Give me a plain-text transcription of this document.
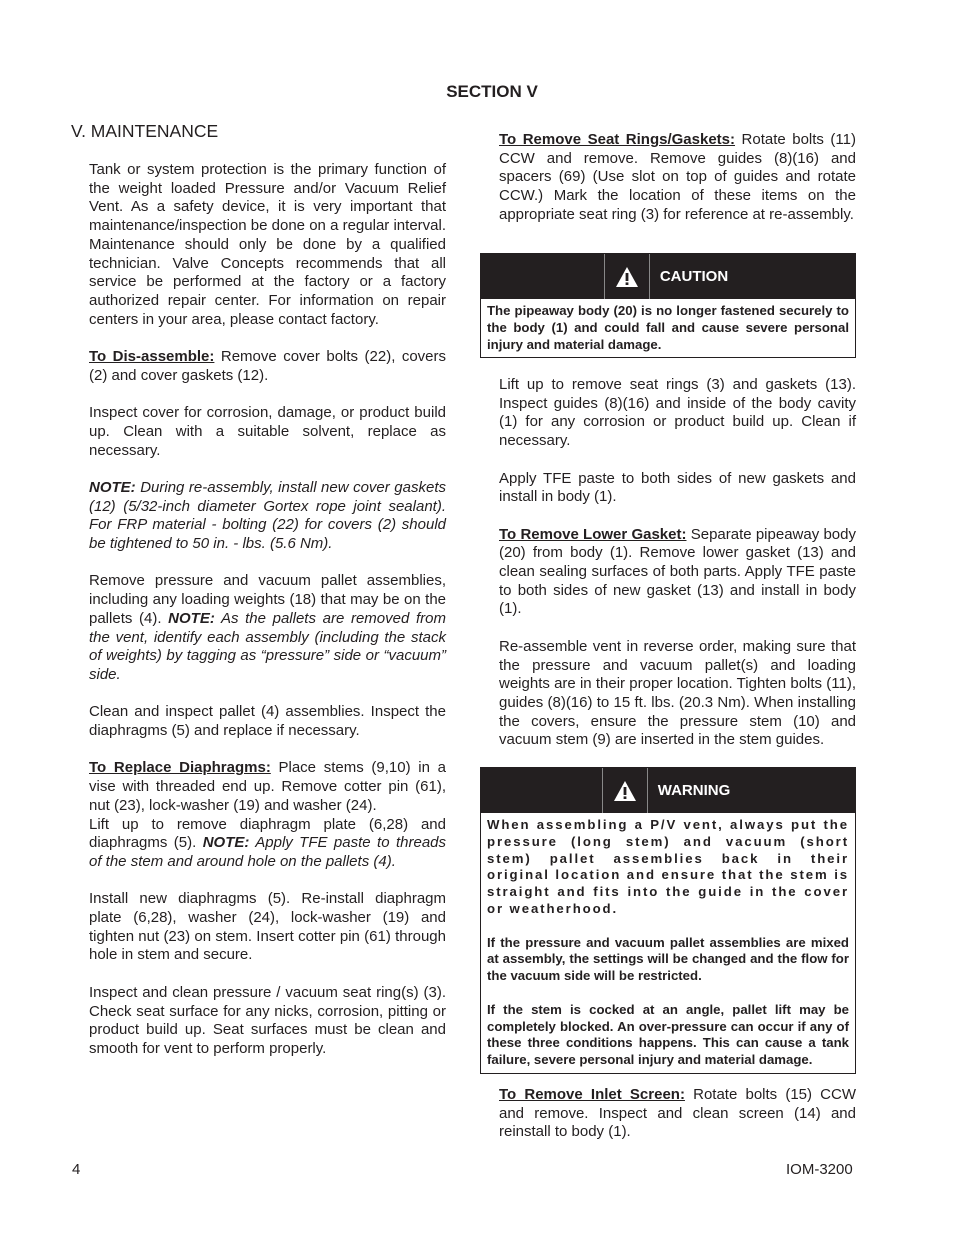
SECTION V
V. MAINTENANCE

Tank or system protection is the primary function of the weight loaded Pressure and/or Vacuum Relief Vent. As a safety device, it is very important that maintenance/inspection be done on a regular interval. Maintenance should only be done by a qualified technician. Valve Concepts recommends that all service be performed at the factory or a factory authorized repair center. For information on repair centers in your area, please contact factory.

To Dis-assemble: Remove cover bolts (22), covers (2) and cover gaskets (12).

Inspect cover for corrosion, damage, or product build up. Clean with a suitable solvent, replace as necessary.

NOTE: During re-assembly, install new cover gaskets (12) (5/32-inch diameter Gortex rope joint sealant). For FRP material - bolting (22) for covers (2) should be tightened to 50 in. - lbs. (5.6 Nm).

Remove pressure and vacuum pallet assemblies, including any loading weights (18) that may be on the pallets (4). NOTE: As the pallets are removed from the vent, identify each assembly (including the stack of weights) by tagging as “pressure” side or “vacuum” side.

Clean and inspect pallet (4) assemblies. Inspect the diaphragms (5) and replace if necessary.

To Replace Diaphragms: Place stems (9,10) in a vise with threaded end up. Remove cotter pin (61), nut (23), lock-washer (19) and washer (24).

Lift up to remove diaphragm plate (6,28) and diaphragms (5). NOTE: Apply TFE paste to threads of the stem and around hole on the pallets (4).

Install new diaphragms (5). Re-install diaphragm plate (6,28), washer (24), lock-washer (19) and tighten nut (23) on stem. Insert cotter pin (61) through hole in stem and secure.

Inspect and clean pressure / vacuum seat ring(s) (3). Check seat surface for any nicks, corrosion, pitting or product build up. Seat surfaces must be clean and smooth for vent to perform properly.

To Remove Seat Rings/Gaskets: Rotate bolts (11) CCW and remove. Remove guides (8)(16) and spacers (69) (Use slot on top of guides and rotate CCW.) Mark the location of these items on the appropriate seat ring (3) for reference at re-assembly.

CAUTION
The pipeaway body (20) is no longer fastened securely to the body (1) and could fall and cause severe personal injury and material damage.

Lift up to remove seat rings (3) and gaskets (13). Inspect guides (8)(16) and inside of the body cavity (1) for any corrosion or product build up. Clean if necessary.

Apply TFE paste to both sides of new gaskets and install in body (1).

To Remove Lower Gasket: Separate pipeaway body (20) from body (1). Remove lower gasket (13) and clean sealing surfaces of both parts. Apply TFE paste to both sides of new gasket (13) and install in body (1).

Re-assemble vent in reverse order, making sure that the pressure and vacuum pallet(s) and loading weights are in their proper location. Tighten bolts (11), guides (8)(16) to 15 ft. lbs. (20.3 Nm). When installing the covers, ensure the pressure stem (10) and vacuum stem (9) are inserted in the stem guides.

WARNING

When assembling a P/V vent, always put the pressure (long stem) and vacuum (short stem) pallet assemblies back in their original location and ensure that the stem is straight and fits into the guide in the cover or weatherhood.

If the pressure and vacuum pallet assemblies are mixed at assembly, the settings will be changed and the flow for the vacuum side will be restricted.

If the stem is cocked at an angle, pallet lift may be completely blocked. An over-pressure can occur if any of these three conditions happens. This can cause a tank failure, severe personal injury and material damage.

To Remove Inlet Screen: Rotate bolts (15) CCW and remove. Inspect and clean screen (14) and reinstall to body (1).

4	IOM-3200
